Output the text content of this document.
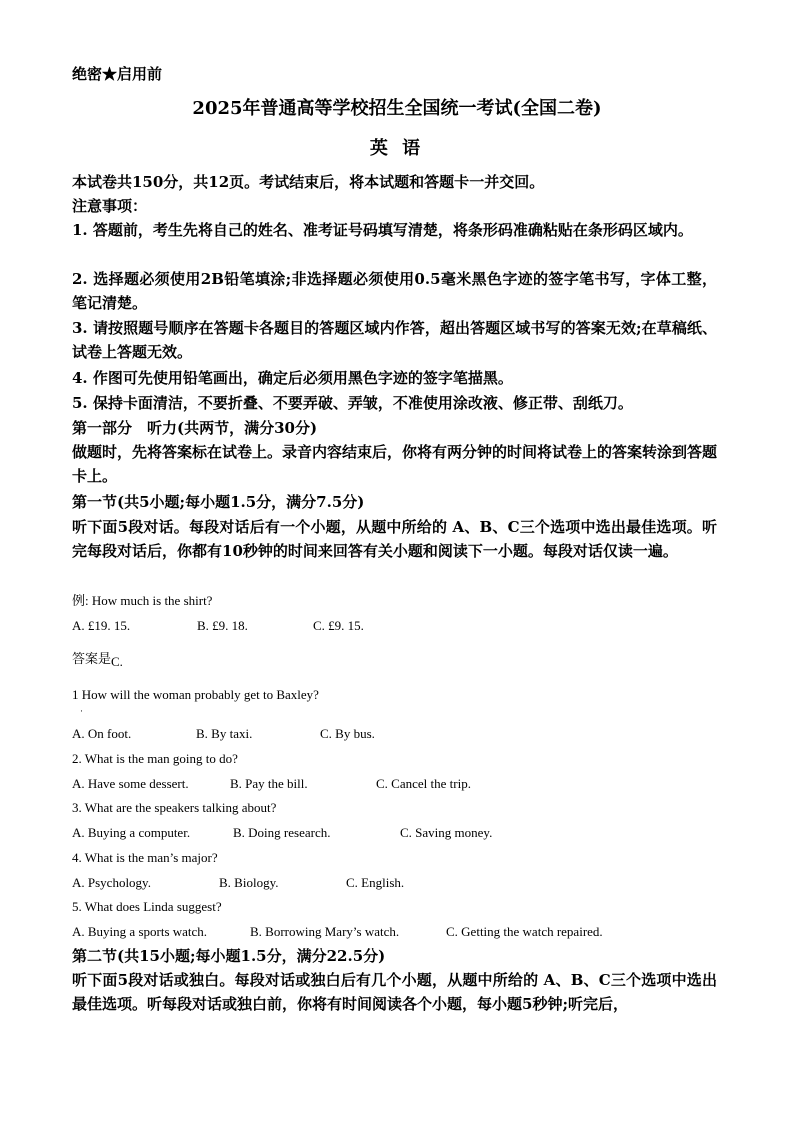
绝密★启用前
2025年普通高等学校招生全国统一考试(全国二卷)
英 语
本试卷共150分，共12页。考试结束后，将本试题和答题卡一并交回。
注意事项：
1. 答题前，考生先将自己的姓名、准考证号码填写清楚，将条形码准确粘贴在条形码区域内。
2. 选择题必须使用2B铅笔填涂;非选择题必须使用0.5毫米黑色字迹的签字笔书写，字体工整，笔记清楚。
3. 请按照题号顺序在答题卡各题目的答题区域内作答，超出答题区域书写的答案无效;在草稿纸、试卷上答题无效。
4. 作图可先使用铅笔画出，确定后必须用黑色字迹的签字笔描黑。
5. 保持卡面清洁，不要折叠、不要弄破、弄皱，不准使用涂改液、修正带、刮纸刀。
第一部分　听力(共两节，满分30分)
做题时，先将答案标在试卷上。录音内容结束后，你将有两分钟的时间将试卷上的答案转涂到答题卡上。
第一节(共5小题;每小题1.5分，满分7.5分)
听下面5段对话。每段对话后有一个小题，从题中所给的 A、B、C三个选项中选出最佳选项。听完每段对话后，你都有10秒钟的时间来回答有关小题和阅读下一小题。每段对话仅读一遍。
例: How much is the shirt?
A. £19. 15.	B. £9. 18.	C. £9. 15.
答案是C.
1 How will the woman probably get to Baxley?
·
A. On foot.	B. By taxi.	C. By bus.
2. What is the man going to do?
A. Have some dessert.	B. Pay the bill.	C. Cancel the trip.
3. What are the speakers talking about?
A. Buying a computer.	B. Doing research.	C. Saving money.
4. What is the man’s major?
A. Psychology.	B. Biology.	C. English.
5. What does Linda suggest?
A. Buying a sports watch.	B. Borrowing Mary’s watch.	C. Getting the watch repaired.
第二节(共15小题;每小题1.5分，满分22.5分)
听下面5段对话或独白。每段对话或独白后有几个小题，从题中所给的 A、B、C三个选项中选出最佳选项。听每段对话或独白前，你将有时间阅读各个小题，每小题5秒钟;听完后，
